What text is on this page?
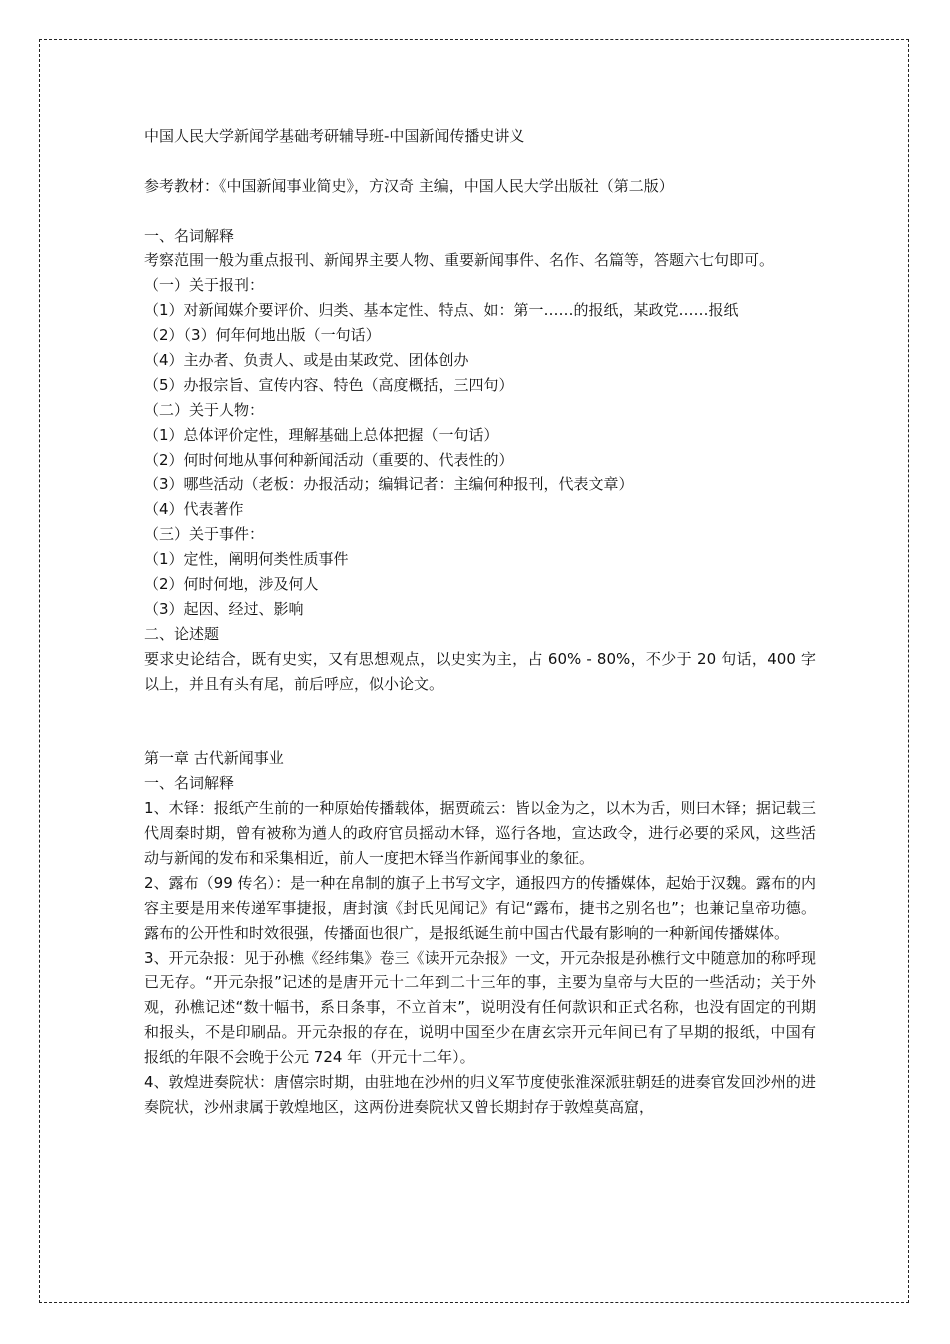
中国人民大学新闻学基础考研辅导班-中国新闻传播史讲义
参考教材：《中国新闻事业简史》，方汉奇 主编，中国人民大学出版社（第二版）
一、名词解释
考察范围一般为重点报刊、新闻界主要人物、重要新闻事件、名作、名篇等，答题六七句即可。
（一）关于报刊：
（1）对新闻媒介要评价、归类、基本定性、特点、如：第一……的报纸，某政党……报纸
（2）（3）何年何地出版（一句话）
（4）主办者、负责人、或是由某政党、团体创办
（5）办报宗旨、宣传内容、特色（高度概括，三四句）
（二）关于人物：
（1）总体评价定性，理解基础上总体把握（一句话）
（2）何时何地从事何种新闻活动（重要的、代表性的）
（3）哪些活动（老板：办报活动；编辑记者：主编何种报刊，代表文章）
（4）代表著作
（三）关于事件：
（1）定性，阐明何类性质事件
（2）何时何地，涉及何人
（3）起因、经过、影响
二、论述题
要求史论结合，既有史实，又有思想观点，以史实为主，占 60% - 80%，不少于 20 句话，400 字以上，并且有头有尾，前后呼应，似小论文。
第一章 古代新闻事业
一、名词解释
1、木铎：报纸产生前的一种原始传播载体，据贾疏云：皆以金为之，以木为舌，则曰木铎；据记载三代周秦时期，曾有被称为遒人的政府官员摇动木铎，巡行各地，宣达政令，进行必要的采风，这些活动与新闻的发布和采集相近，前人一度把木铎当作新闻事业的象征。
2、露布（99 传名）：是一种在帛制的旗子上书写文字，通报四方的传播媒体，起始于汉魏。露布的内容主要是用来传递军事捷报，唐封演《封氏见闻记》有记“露布，捷书之别名也”；也兼记皇帝功德。露布的公开性和时效很强，传播面也很广，是报纸诞生前中国古代最有影响的一种新闻传播媒体。
3、开元杂报：见于孙樵《经纬集》卷三《读开元杂报》一文，开元杂报是孙樵行文中随意加的称呼现已无存。“开元杂报”记述的是唐开元十二年到二十三年的事，主要为皇帝与大臣的一些活动；关于外观，孙樵记述“数十幅书，系日条事，不立首末”，说明没有任何款识和正式名称，也没有固定的刊期和报头，不是印刷品。开元杂报的存在，说明中国至少在唐玄宗开元年间已有了早期的报纸，中国有报纸的年限不会晚于公元 724 年（开元十二年）。
4、敦煌进奏院状：唐僖宗时期，由驻地在沙州的归义军节度使张淮深派驻朝廷的进奏官发回沙州的进奏院状，沙州隶属于敦煌地区，这两份进奏院状又曾长期封存于敦煌莫高窟，
